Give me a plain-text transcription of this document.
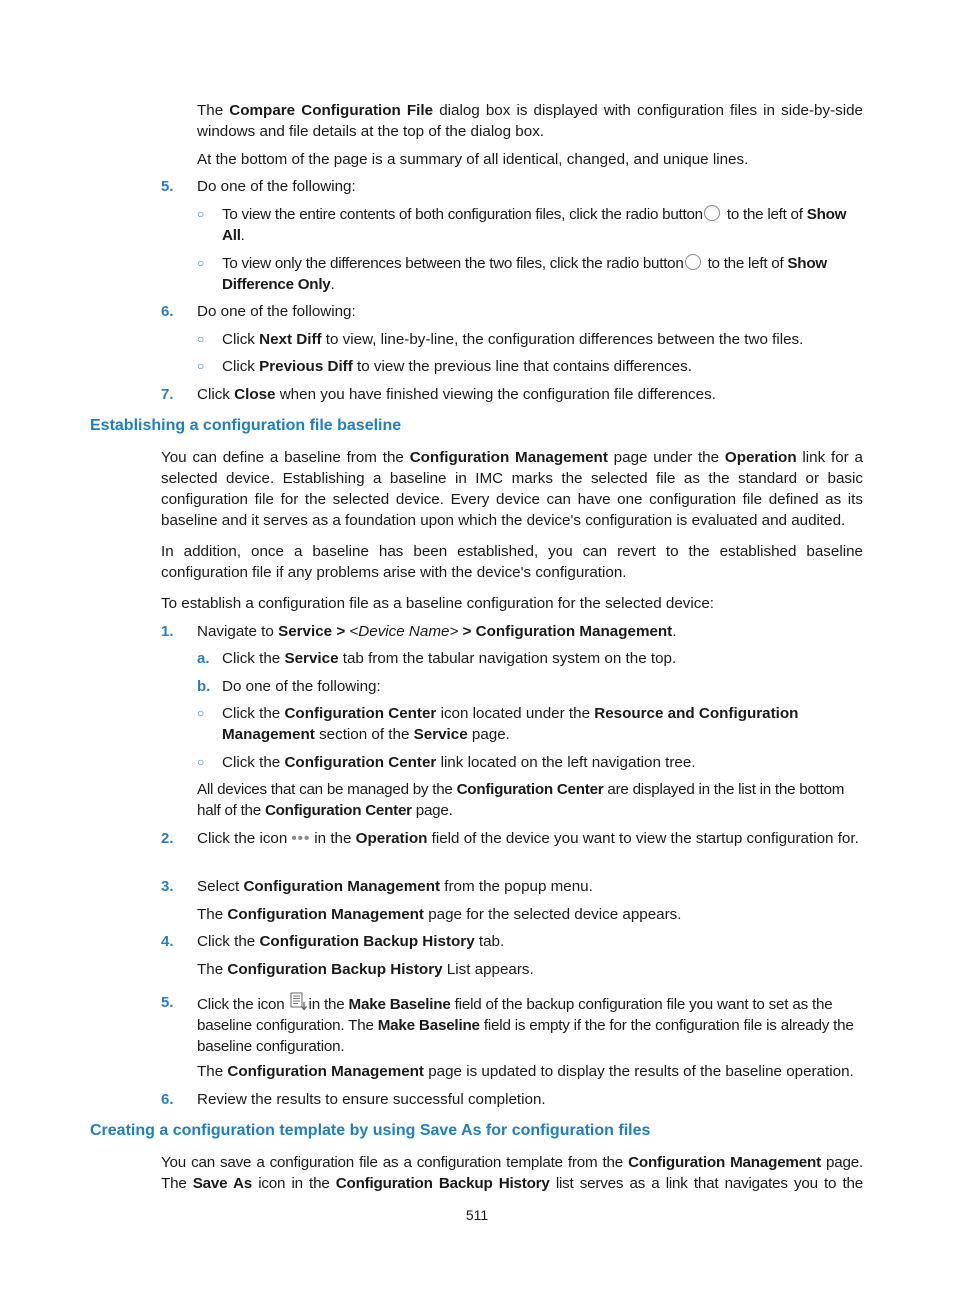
The Compare Configuration File dialog box is displayed with configuration files in side-by-side windows and file details at the top of the dialog box.
At the bottom of the page is a summary of all identical, changed, and unique lines.
5. Do one of the following:
○ To view the entire contents of both configuration files, click the radio button to the left of Show All.
○ To view only the differences between the two files, click the radio button to the left of Show Difference Only.
6. Do one of the following:
○ Click Next Diff to view, line-by-line, the configuration differences between the two files.
○ Click Previous Diff to view the previous line that contains differences.
7. Click Close when you have finished viewing the configuration file differences.
Establishing a configuration file baseline
You can define a baseline from the Configuration Management page under the Operation link for a selected device. Establishing a baseline in IMC marks the selected file as the standard or basic configuration file for the selected device. Every device can have one configuration file defined as its baseline and it serves as a foundation upon which the device's configuration is evaluated and audited.
In addition, once a baseline has been established, you can revert to the established baseline configuration file if any problems arise with the device's configuration.
To establish a configuration file as a baseline configuration for the selected device:
1. Navigate to Service > <Device Name> > Configuration Management.
a. Click the Service tab from the tabular navigation system on the top.
b. Do one of the following:
○ Click the Configuration Center icon located under the Resource and Configuration Management section of the Service page.
○ Click the Configuration Center link located on the left navigation tree.
All devices that can be managed by the Configuration Center are displayed in the list in the bottom half of the Configuration Center page.
2. Click the icon ••• in the Operation field of the device you want to view the startup configuration for.
3. Select Configuration Management from the popup menu.
The Configuration Management page for the selected device appears.
4. Click the Configuration Backup History tab.
The Configuration Backup History List appears.
5. Click the icon in the Make Baseline field of the backup configuration file you want to set as the baseline configuration. The Make Baseline field is empty if the for the configuration file is already the baseline configuration.
The Configuration Management page is updated to display the results of the baseline operation.
6. Review the results to ensure successful completion.
Creating a configuration template by using Save As for configuration files
You can save a configuration file as a configuration template from the Configuration Management page. The Save As icon in the Configuration Backup History list serves as a link that navigates you to the
511
